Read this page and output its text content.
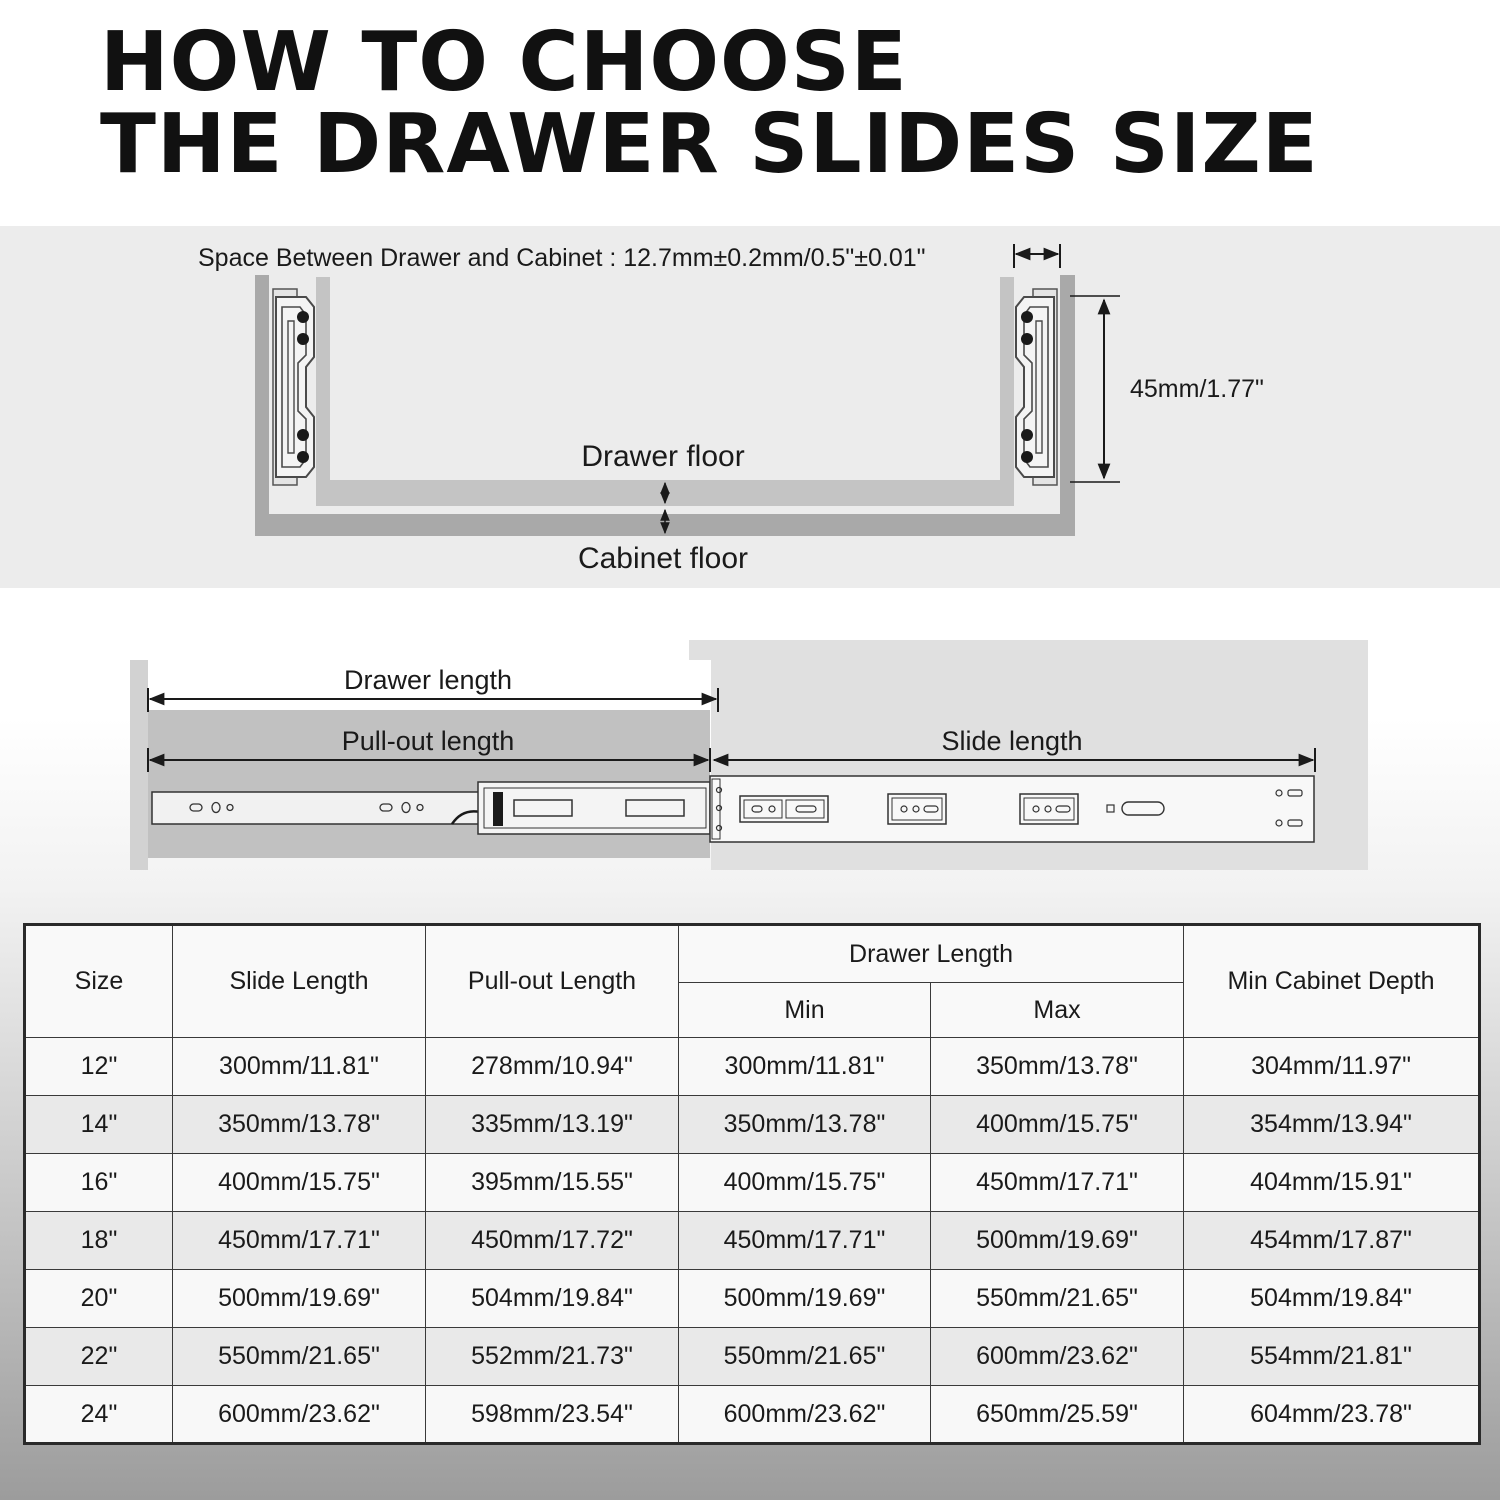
HOW TO CHOOSE
THE DRAWER SLIDES SIZE
Space Between Drawer and Cabinet : 12.7mm±0.2mm/0.5"±0.01"
45mm/1.77"
Drawer floor
Cabinet floor
Drawer length
Pull-out length	Slide length
Size	Slide Length	Pull-out Length	Drawer Length		Min Cabinet Depth
			Min	Max	
12"	300mm/11.81"	278mm/10.94"	300mm/11.81"	350mm/13.78"	304mm/11.97"
14"	350mm/13.78"	335mm/13.19"	350mm/13.78"	400mm/15.75"	354mm/13.94"
16"	400mm/15.75"	395mm/15.55"	400mm/15.75"	450mm/17.71"	404mm/15.91"
18"	450mm/17.71"	450mm/17.72"	450mm/17.71"	500mm/19.69"	454mm/17.87"
20"	500mm/19.69"	504mm/19.84"	500mm/19.69"	550mm/21.65"	504mm/19.84"
22"	550mm/21.65"	552mm/21.73"	550mm/21.65"	600mm/23.62"	554mm/21.81"
24"	600mm/23.62"	598mm/23.54"	600mm/23.62"	650mm/25.59"	604mm/23.78"
